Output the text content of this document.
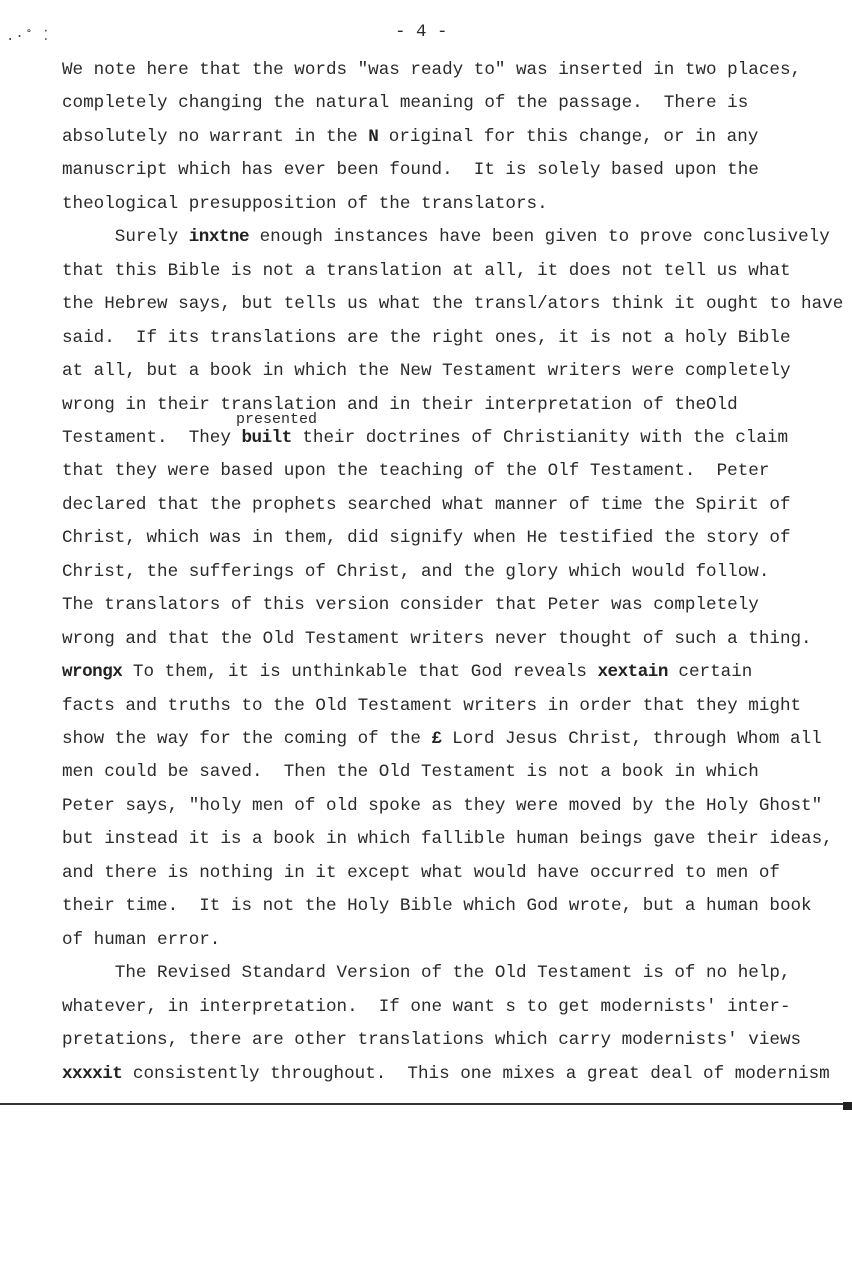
.·˚ ⁚	- 4 -
We note here that the words "was ready to" was inserted in two places,
completely changing the natural meaning of the passage.  There is
absolutely no warrant in the N original for this change, or in any
manuscript which has ever been found.  It is solely based upon the
theological presupposition of the translators.
Surely inxtne enough instances have been given to prove conclusively
that this Bible is not a translation at all, it does not tell us what
the Hebrew says, but tells us what the transl/ators think it ought to have
said.  If its translations are the right ones, it is not a holy Bible
at all, but a book in which the New Testament writers were completely
wrong in their translation and in their interpretation of theOld
Testament.  They built their doctrines of Christianity with the claim
that they were based upon the teaching of the Olf Testament.  Peter
declared that the prophets searched what manner of time the Spirit of
Christ, which was in them, did signify when He testified the story of
Christ, the sufferings of Christ, and the glory which would follow.
The translators of this version consider that Peter was completely
wrong and that the Old Testament writers never thought of such a thing.
wrongx To them, it is unthinkable that God reveals xextain certain
facts and truths to the Old Testament writers in order that they might
show the way for the coming of the £ Lord Jesus Christ, through Whom all
men could be saved.  Then the Old Testament is not a book in which
Peter says, "holy men of old spoke as they were moved by the Holy Ghost"
but instead it is a book in which fallible human beings gave their ideas,
and there is nothing in it except what would have occurred to men of
their time.  It is not the Holy Bible which God wrote, but a human book
of human error.
The Revised Standard Version of the Old Testament is of no help,
whatever, in interpretation.  If one want s to get modernists' inter-
pretations, there are other translations which carry modernists' views
xxxxit consistently throughout.  This one mixes a great deal of modernism
presented
